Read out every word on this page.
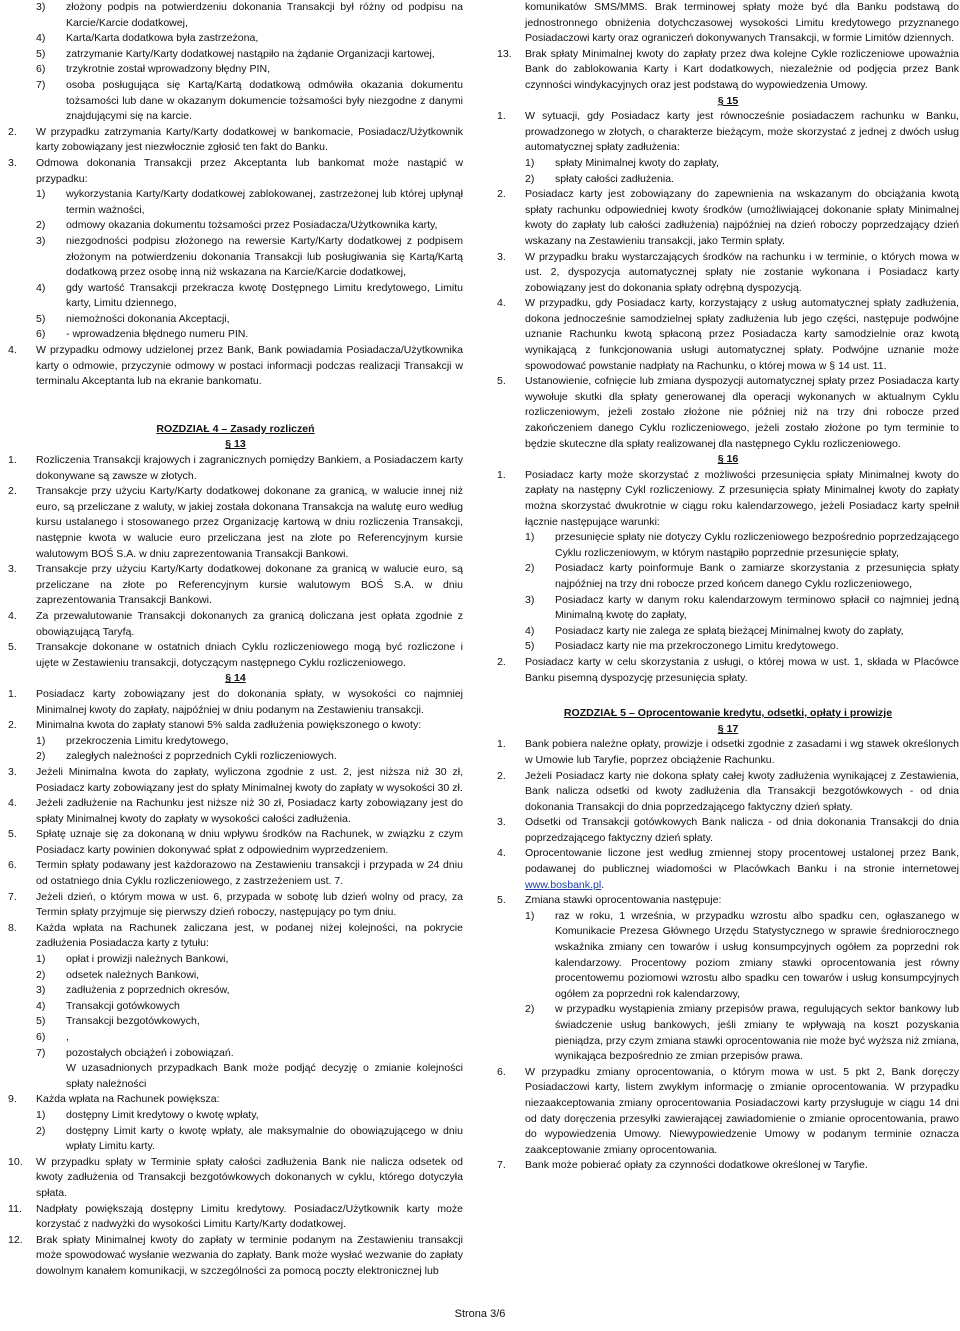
3) złożony podpis na potwierdzeniu dokonania Transakcji był różny od podpisu na Karcie/Karcie dodatkowej,
4) Karta/Karta dodatkowa była zastrzeżona,
5) zatrzymanie Karty/Karty dodatkowej nastąpiło na żądanie Organizacji kartowej,
6) trzykrotnie został wprowadzony błędny PIN,
7) osoba posługująca się Kartą/Kartą dodatkową odmówiła okazania dokumentu tożsamości lub dane w okazanym dokumencie tożsamości były niezgodne z danymi znajdującymi się na karcie.
2. W przypadku zatrzymania Karty/Karty dodatkowej w bankomacie, Posiadacz/Użytkownik karty zobowiązany jest niezwłocznie zgłosić ten fakt do Banku.
3. Odmowa dokonania Transakcji przez Akceptanta lub bankomat może nastąpić w przypadku:
1) wykorzystania Karty/Karty dodatkowej zablokowanej, zastrzeżonej lub której upłynął termin ważności,
2) odmowy okazania dokumentu tożsamości przez Posiadacza/Użytkownika karty,
3) niezgodności podpisu złożonego na rewersie Karty/Karty dodatkowej z podpisem złożonym na potwierdzeniu dokonania Transakcji lub posługiwania się Kartą/Kartą dodatkową przez osobę inną niż wskazana na Karcie/Karcie dodatkowej,
4) gdy wartość Transakcji przekracza kwotę Dostępnego Limitu kredytowego, Limitu karty, Limitu dziennego,
5) niemożności dokonania Akceptacji,
6) - wprowadzenia błędnego numeru PIN.
4. W przypadku odmowy udzielonej przez Bank, Bank powiadamia Posiadacza/Użytkownika karty o odmowie, przyczynie odmowy w postaci informacji podczas realizacji Transakcji w terminalu Akceptanta lub na ekranie bankomatu.
ROZDZIAŁ 4 – Zasady rozliczeń
§ 13
1. Rozliczenia Transakcji krajowych i zagranicznych pomiędzy Bankiem, a Posiadaczem karty dokonywane są zawsze w złotych.
2. Transakcje przy użyciu Karty/Karty dodatkowej dokonane za granicą, w walucie innej niż euro, są przeliczane z waluty, w jakiej została dokonana Transakcja na walutę euro według kursu ustalanego i stosowanego przez Organizację kartową w dniu rozliczenia Transakcji, następnie kwota w walucie euro przeliczana jest na złote po Referencyjnym kursie walutowym BOŚ S.A. w dniu zaprezentowania Transakcji Bankowi.
3. Transakcje przy użyciu Karty/Karty dodatkowej dokonane za granicą w walucie euro, są przeliczane na złote po Referencyjnym kursie walutowym BOŚ S.A. w dniu zaprezentowania Transakcji Bankowi.
4. Za przewalutowanie Transakcji dokonanych za granicą doliczana jest opłata zgodnie z obowiązującą Taryfą.
5. Transakcje dokonane w ostatnich dniach Cyklu rozliczeniowego mogą być rozliczone i ujęte w Zestawieniu transakcji, dotyczącym następnego Cyklu rozliczeniowego.
§ 14
1. Posiadacz karty zobowiązany jest do dokonania spłaty, w wysokości co najmniej Minimalnej kwoty do zapłaty, najpóźniej w dniu podanym na Zestawieniu transakcji.
2. Minimalna kwota do zapłaty stanowi 5% salda zadłużenia powiększonego o kwoty:
1) przekroczenia Limitu kredytowego,
2) zaległych należności z poprzednich Cykli rozliczeniowych.
3. Jeżeli Minimalna kwota do zapłaty, wyliczona zgodnie z ust. 2, jest niższa niż 30 zł, Posiadacz karty zobowiązany jest do spłaty Minimalnej kwoty do zapłaty w wysokości 30 zł.
4. Jeżeli zadłużenie na Rachunku jest niższe niż 30 zł, Posiadacz karty zobowiązany jest do spłaty Minimalnej kwoty do zapłaty w wysokości całości zadłużenia.
5. Spłatę uznaje się za dokonaną w dniu wpływu środków na Rachunek, w związku z czym Posiadacz karty powinien dokonywać spłat z odpowiednim wyprzedzeniem.
6. Termin spłaty podawany jest każdorazowo na Zestawieniu transakcji i przypada w 24 dniu od ostatniego dnia Cyklu rozliczeniowego, z zastrzeżeniem ust. 7.
7. Jeżeli dzień, o którym mowa w ust. 6, przypada w sobotę lub dzień wolny od pracy, za Termin spłaty przyjmuje się pierwszy dzień roboczy, następujący po tym dniu.
8. Każda wpłata na Rachunek zaliczana jest, w podanej niżej kolejności, na pokrycie zadłużenia Posiadacza karty z tytułu:
1) opłat i prowizji należnych Bankowi,
2) odsetek należnych Bankowi,
3) zadłużenia z poprzednich okresów,
4) Transakcji gotówkowych
5) Transakcji bezgotówkowych,
6) ,
7) pozostałych obciążeń i zobowiązań.
W uzasadnionych przypadkach Bank może podjąć decyzję o zmianie kolejności spłaty należności
9. Każda wpłata na Rachunek powiększa:
1) dostępny Limit kredytowy o kwotę wpłaty,
2) dostępny Limit karty o kwotę wpłaty, ale maksymalnie do obowiązującego w dniu wpłaty Limitu karty.
10. W przypadku spłaty w Terminie spłaty całości zadłużenia Bank nie nalicza odsetek od kwoty zadłużenia od Transakcji bezgotówkowych dokonanych w cyklu, którego dotyczyła spłata.
11. Nadpłaty powiększają dostępny Limitu kredytowy. Posiadacz/Użytkownik karty może korzystać z nadwyżki do wysokości Limitu Karty/Karty dodatkowej.
12. Brak spłaty Minimalnej kwoty do zapłaty w terminie podanym na Zestawieniu transakcji może spowodować wysłanie wezwania do zapłaty. Bank może wysłać wezwanie do zapłaty dowolnym kanałem komunikacji, w szczególności za pomocą poczty elektronicznej lub
komunikatów SMS/MMS. Brak terminowej spłaty może być dla Banku podstawą do jednostronnego obniżenia dotychczasowej wysokości Limitu kredytowego przyznanego Posiadaczowi karty oraz ograniczeń dokonywanych Transakcji, w formie Limitów dziennych.
13. Brak spłaty Minimalnej kwoty do zapłaty przez dwa kolejne Cykle rozliczeniowe upoważnia Bank do zablokowania Karty i Kart dodatkowych, niezależnie od podjęcia przez Bank czynności windykacyjnych oraz jest podstawą do wypowiedzenia Umowy.
§ 15
1. W sytuacji, gdy Posiadacz karty jest równocześnie posiadaczem rachunku w Banku, prowadzonego w złotych, o charakterze bieżącym, może skorzystać z jednej z dwóch usług automatycznej spłaty zadłużenia:
1) spłaty Minimalnej kwoty do zapłaty,
2) spłaty całości zadłużenia.
2. Posiadacz karty jest zobowiązany do zapewnienia na wskazanym do obciążania kwotą spłaty rachunku odpowiedniej kwoty środków (umożliwiającej dokonanie spłaty Minimalnej kwoty do zapłaty lub całości zadłużenia) najpóźniej na dzień roboczy poprzedzający dzień wskazany na Zestawieniu transakcji, jako Termin spłaty.
3. W przypadku braku wystarczających środków na rachunku i w terminie, o których mowa w ust. 2, dyspozycja automatycznej spłaty nie zostanie wykonana i Posiadacz karty zobowiązany jest do dokonania spłaty odrębną dyspozycją.
4. W przypadku, gdy Posiadacz karty, korzystający z usług automatycznej spłaty zadłużenia, dokona jednocześnie samodzielnej spłaty zadłużenia lub jego części, następuje podwójne uznanie Rachunku kwotą spłaconą przez Posiadacza karty samodzielnie oraz kwotą wynikającą z funkcjonowania usługi automatycznej spłaty. Podwójne uznanie może spowodować powstanie nadpłaty na Rachunku, o której mowa w § 14 ust. 11.
5. Ustanowienie, cofnięcie lub zmiana dyspozycji automatycznej spłaty przez Posiadacza karty wywołuje skutki dla spłaty generowanej dla operacji wykonanych w aktualnym Cyklu rozliczeniowym, jeżeli zostało złożone nie później niż na trzy dni robocze przed zakończeniem danego Cyklu rozliczeniowego, jeżeli zostało złożone po tym terminie to będzie skuteczne dla spłaty realizowanej dla następnego Cyklu rozliczeniowego.
§ 16
1. Posiadacz karty może skorzystać z możliwości przesunięcia spłaty Minimalnej kwoty do zapłaty na następny Cykl rozliczeniowy. Z przesunięcia spłaty Minimalnej kwoty do zapłaty można skorzystać dwukrotnie w ciągu roku kalendarzowego, jeżeli Posiadacz karty spełnił łącznie następujące warunki:
1) przesunięcie spłaty nie dotyczy Cyklu rozliczeniowego bezpośrednio poprzedzającego Cyklu rozliczeniowym, w którym nastąpiło poprzednie przesunięcie spłaty,
2) Posiadacz karty poinformuje Bank o zamiarze skorzystania z przesunięcia spłaty najpóźniej na trzy dni robocze przed końcem danego Cyklu rozliczeniowego,
3) Posiadacz karty w danym roku kalendarzowym terminowo spłacił co najmniej jedną Minimalną kwotę do zapłaty,
4) Posiadacz karty nie zalega ze spłatą bieżącej Minimalnej kwoty do zapłaty,
5) Posiadacz karty nie ma przekroczonego Limitu kredytowego.
2. Posiadacz karty w celu skorzystania z usługi, o której mowa w ust. 1, składa w Placówce Banku pisemną dyspozycję przesunięcia spłaty.
ROZDZIAŁ 5 – Oprocentowanie kredytu, odsetki, opłaty i prowizje
§ 17
1. Bank pobiera należne opłaty, prowizje i odsetki zgodnie z zasadami i wg stawek określonych w Umowie lub Taryfie, poprzez obciążenie Rachunku.
2. Jeżeli Posiadacz karty nie dokona spłaty całej kwoty zadłużenia wynikającej z Zestawienia, Bank nalicza odsetki od kwoty zadłużenia dla Transakcji bezgotówkowych - od dnia dokonania Transakcji do dnia poprzedzającego faktyczny dzień spłaty.
3. Odsetki od Transakcji gotówkowych Bank nalicza - od dnia dokonania Transakcji do dnia poprzedzającego faktyczny dzień spłaty.
4. Oprocentowanie liczone jest według zmiennej stopy procentowej ustalonej przez Bank, podawanej do publicznej wiadomości w Placówkach Banku i na stronie internetowej www.bosbank.pl.
5. Zmiana stawki oprocentowania następuje:
1) raz w roku, 1 września, w przypadku wzrostu albo spadku cen, ogłaszanego w Komunikacie Prezesa Głównego Urzędu Statystycznego w sprawie średniorocznego wskaźnika zmiany cen towarów i usług konsumpcyjnych ogółem za poprzedni rok kalendarzowy. Procentowy poziom zmiany stawki oprocentowania jest równy procentowemu poziomowi wzrostu albo spadku cen towarów i usług konsumpcyjnych ogółem za poprzedni rok kalendarzowy,
2) w przypadku wystąpienia zmiany przepisów prawa, regulujących sektor bankowy lub świadczenie usług bankowych, jeśli zmiany te wpływają na koszt pozyskania pieniądza, przy czym zmiana stawki oprocentowania nie może być wyższa niż zmiana, wynikająca bezpośrednio ze zmian przepisów prawa.
6. W przypadku zmiany oprocentowania, o którym mowa w ust. 5 pkt 2, Bank doręczy Posiadaczowi karty, listem zwykłym informację o zmianie oprocentowania. W przypadku niezaakceptowania zmiany oprocentowania Posiadaczowi karty przysługuje w ciągu 14 dni od daty doręczenia przesyłki zawierającej zawiadomienie o zmianie oprocentowania, prawo do wypowiedzenia Umowy. Niewypowiedzenie Umowy w podanym terminie oznacza zaakceptowanie zmiany oprocentowania.
7. Bank może pobierać opłaty za czynności dodatkowe określonej w Taryfie.
Strona 3/6
